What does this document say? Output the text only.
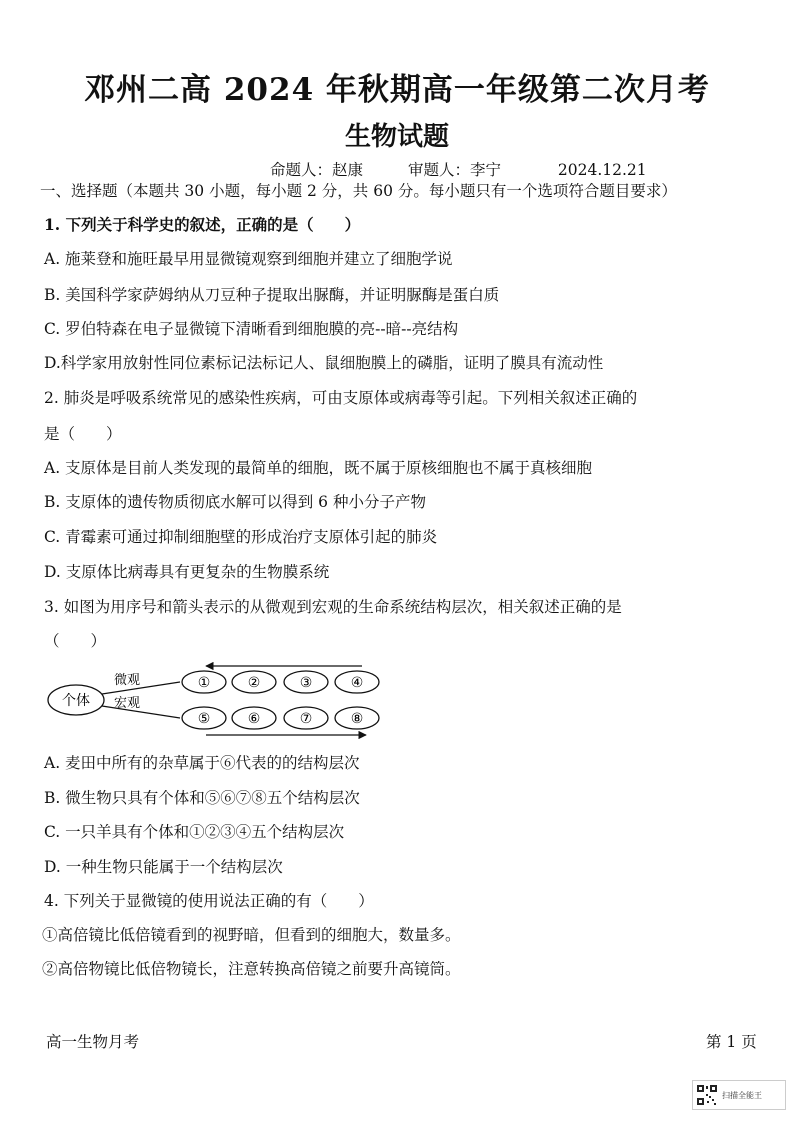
邓州二高 2024 年秋期高一年级第二次月考
生物试题
命题人：赵康	审题人：李宁	2024.12.21
一、选择题（本题共 30 小题，每小题 2 分，共 60 分。每小题只有一个选项符合题目要求）
1. 下列关于科学史的叙述，正确的是（　　）
A. 施莱登和施旺最早用显微镜观察到细胞并建立了细胞学说
B. 美国科学家萨姆纳从刀豆种子提取出脲酶，并证明脲酶是蛋白质
C. 罗伯特森在电子显微镜下清晰看到细胞膜的亮--暗--亮结构
D.科学家用放射性同位素标记法标记人、鼠细胞膜上的磷脂，证明了膜具有流动性
2. 肺炎是呼吸系统常见的感染性疾病，可由支原体或病毒等引起。下列相关叙述正确的
是（　　）
A. 支原体是目前人类发现的最简单的细胞，既不属于原核细胞也不属于真核细胞
B. 支原体的遗传物质彻底水解可以得到 6 种小分子产物
C. 青霉素可通过抑制细胞壁的形成治疗支原体引起的肺炎
D. 支原体比病毒具有更复杂的生物膜系统
3. 如图为用序号和箭头表示的从微观到宏观的生命系统结构层次，相关叙述正确的是
（　　）
个体
微观
宏观
①	②	③	④
⑤	⑥	⑦	⑧
A. 麦田中所有的杂草属于⑥代表的的结构层次
B. 微生物只具有个体和⑤⑥⑦⑧五个结构层次
C. 一只羊具有个体和①②③④五个结构层次
D. 一种生物只能属于一个结构层次
4. 下列关于显微镜的使用说法正确的有（　　）
①高倍镜比低倍镜看到的视野暗，但看到的细胞大，数量多。
②高倍物镜比低倍物镜长，注意转换高倍镜之前要升高镜筒。
高一生物月考	第 1 页
扫描全能王
